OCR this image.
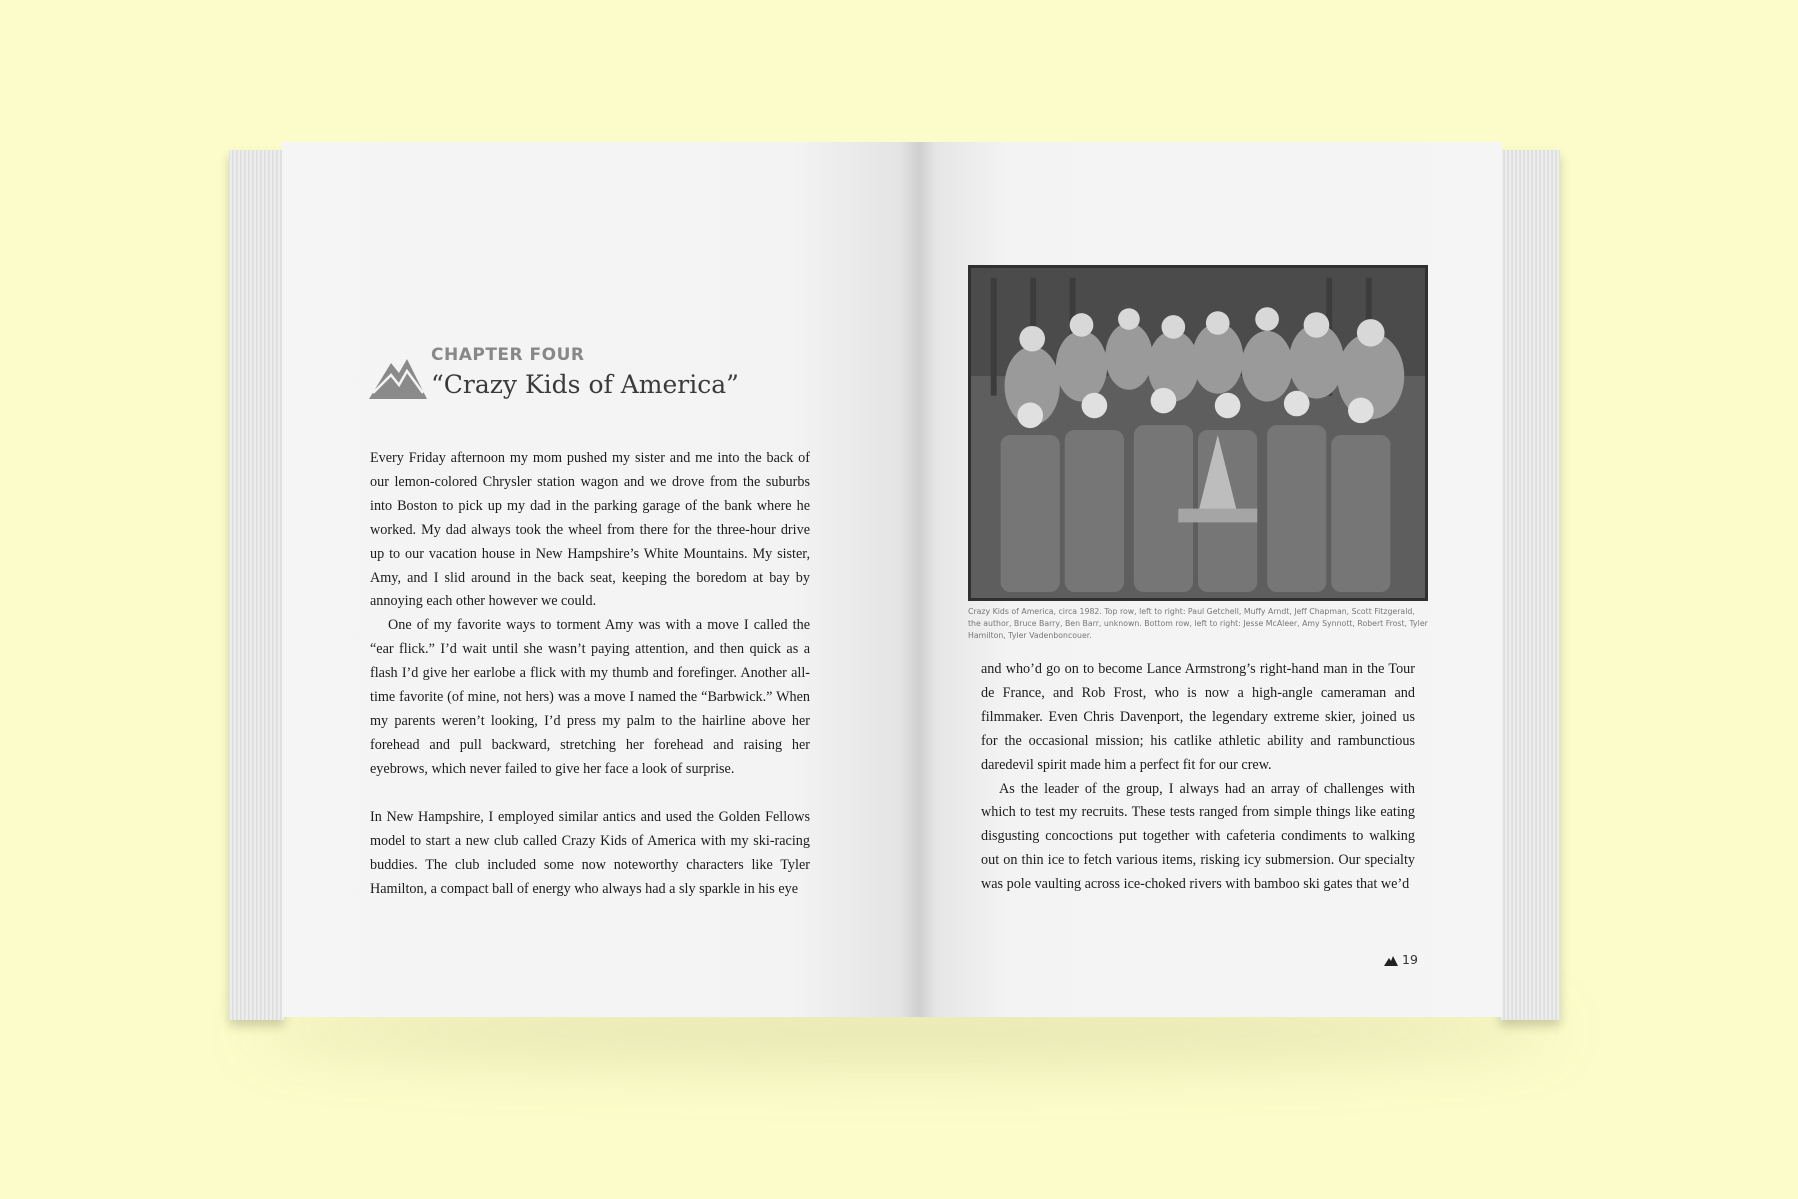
CHAPTER FOUR
“Crazy Kids of America”

Every Friday afternoon my mom pushed my sister and me into the back of our lemon-colored Chrysler station wagon and we drove from the suburbs into Boston to pick up my dad in the parking garage of the bank where he worked. My dad always took the wheel from there for the three-hour drive up to our vacation house in New Hampshire’s White Mountains. My sister, Amy, and I slid around in the back seat, keeping the boredom at bay by annoying each other however we could.

One of my favorite ways to torment Amy was with a move I called the “ear flick.” I’d wait until she wasn’t paying attention, and then quick as a flash I’d give her earlobe a flick with my thumb and forefinger. Another all-time favorite (of mine, not hers) was a move I named the “Barbwick.” When my parents weren’t looking, I’d press my palm to the hairline above her forehead and pull backward, stretching her forehead and raising her eyebrows, which never failed to give her face a look of surprise.

In New Hampshire, I employed similar antics and used the Golden Fellows model to start a new club called Crazy Kids of America with my ski-racing buddies. The club included some now noteworthy characters like Tyler Hamilton, a compact ball of energy who always had a sly sparkle in his eye

Crazy Kids of America, circa 1982. Top row, left to right: Paul Getchell, Muffy Arndt, Jeff Chapman, Scott Fitzgerald, the author, Bruce Barry, Ben Barr, unknown. Bottom row, left to right: Jesse McAleer, Amy Synnott, Robert Frost, Tyler Hamilton, Tyler Vadenboncouer.

and who’d go on to become Lance Armstrong’s right-hand man in the Tour de France, and Rob Frost, who is now a high-angle cameraman and filmmaker. Even Chris Davenport, the legendary extreme skier, joined us for the occasional mission; his catlike athletic ability and rambunctious daredevil spirit made him a perfect fit for our crew.

As the leader of the group, I always had an array of challenges with which to test my recruits. These tests ranged from simple things like eating disgusting concoctions put together with cafeteria condiments to walking out on thin ice to fetch various items, risking icy submersion. Our specialty was pole vaulting across ice-choked rivers with bamboo ski gates that we’d

19
